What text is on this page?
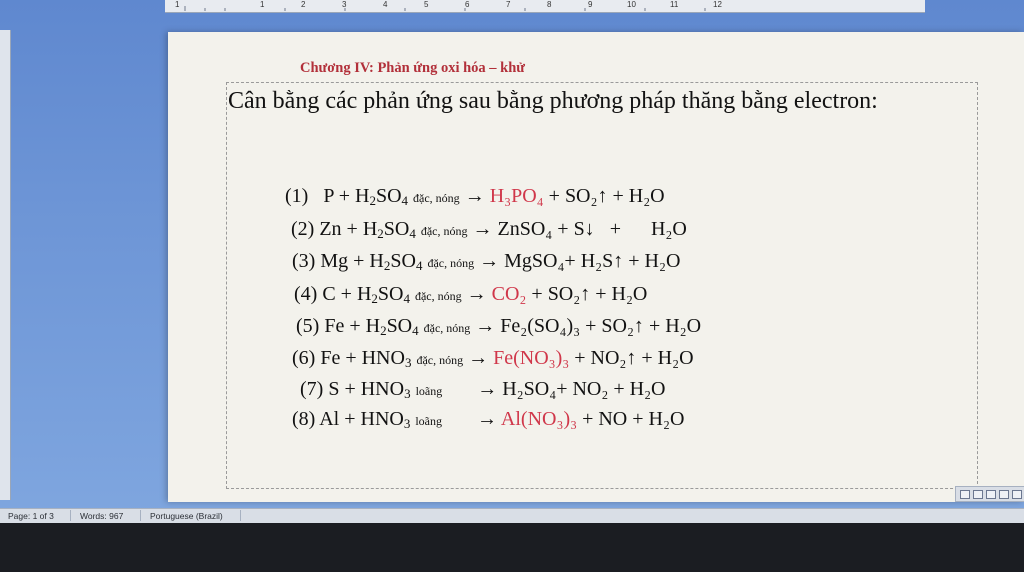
1	1	2	3	4	5	6	7	8	9	10	11	12
Chương IV: Phản ứng oxi hóa – khử
Cân bằng các phản ứng sau bằng phương pháp thăng bằng electron:
(1) $P + H_2SO_4$ đặc, nóng → H₃PO₄ + SO₂↑ + H₂O
(2) $Zn + H_2SO_4$ đặc, nóng → ZnSO₄ + S↓   +      H₂O
(3) $Mg + H_2SO_4$ đặc, nóng → MgSO₄+ H₂S↑ + H₂O
(4) $C + H_2SO_4$ đặc, nóng → CO₂ + SO₂↑ + H₂O
(5) $Fe + H_2SO_4$ đặc, nóng → Fe₂(SO₄)₃ + SO₂↑ + H₂O
(6) $Fe + HNO_3$ đặc, nóng → Fe(NO₃)₃ + NO₂↑ + H₂O
(7) $S + HNO_3$ loãng       → H₂SO₄+ NO₂ + H₂O
(8) $Al + HNO_3$ loãng       → Al(NO₃)₃ + NO + H₂O
Page: 1 of 3	Words: 967	Portuguese (Brazil)
